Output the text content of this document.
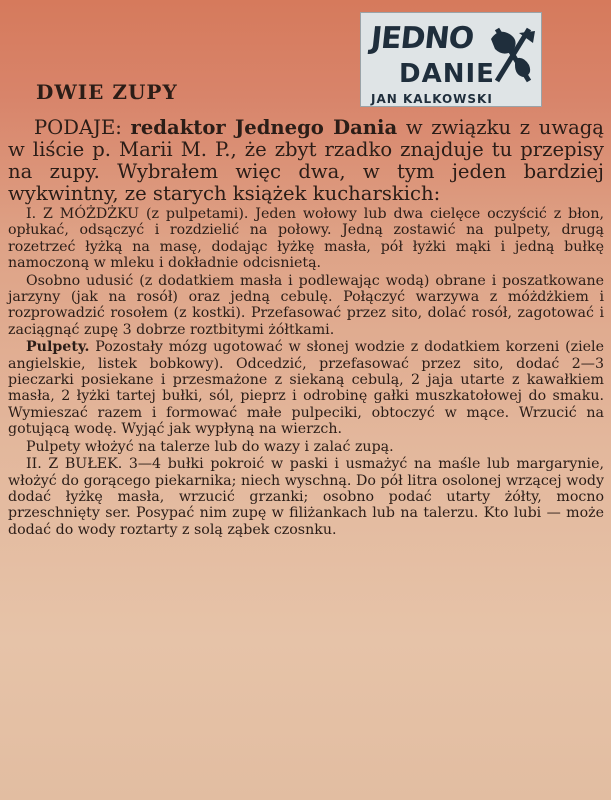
JEDNO
DANIE
JAN KALKOWSKI
DWIE ZUPY

PODAJE: redaktor Jednego Dania w związku z uwagą w liście p. Marii M. P., że zbyt rzadko znajduje tu przepisy na zupy. Wybrałem więc dwa, w tym jeden bardziej wykwintny, ze starych książek kucharskich:

I. Z MÓŻDŻKU (z pulpetami). Jeden wołowy lub dwa cielęce oczyścić z błon, opłukać, odsączyć i rozdzielić na połowy. Jedną zostawić na pulpety, drugą rozetrzeć łyżką na masę, dodając łyżkę masła, pół łyżki mąki i jedną bułkę namoczoną w mleku i dokładnie odcisnietą.

Osobno udusić (z dodatkiem masła i podlewając wodą) obrane i poszatkowane jarzyny (jak na rosół) oraz jedną cebulę. Połączyć warzywa z móżdżkiem i rozprowadzić rosołem (z kostki). Przefasować przez sito, dolać rosół, zagotować i zaciągnąć zupę 3 dobrze roztbitymi żółtkami.

Pulpety. Pozostały mózg ugotować w słonej wodzie z dodatkiem korzeni (ziele angielskie, listek bobkowy). Odcedzić, przefasować przez sito, dodać 2—3 pieczarki posiekane i przesmażone z siekaną cebulą, 2 jaja utarte z kawałkiem masła, 2 łyżki tartej bułki, sól, pieprz i odrobinę gałki muszkatołowej do smaku. Wymieszać razem i formować małe pulpeciki, obtoczyć w mące. Wrzucić na gotującą wodę. Wyjąć jak wypłyną na wierzch.

Pulpety włożyć na talerze lub do wazy i zalać zupą.

II. Z BUŁEK. 3—4 bułki pokroić w paski i usmażyć na maśle lub margarynie, włożyć do gorącego piekarnika; niech wyschną. Do pół litra osolonej wrzącej wody dodać łyżkę masła, wrzucić grzanki; osobno podać utarty żółty, mocno przeschnięty ser. Posypać nim zupę w filiżankach lub na talerzu. Kto lubi — może dodać do wody roztarty z solą ząbek czosnku.
